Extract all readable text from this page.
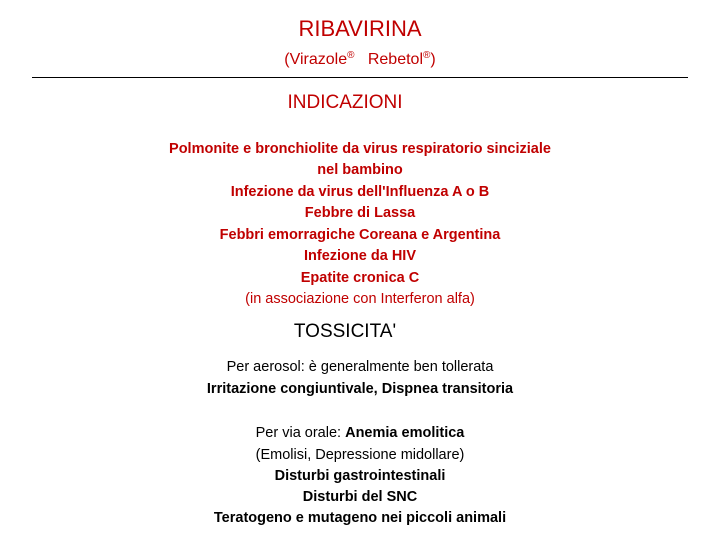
RIBAVIRINA
(Virazole® Rebetol®)
INDICAZIONI
Polmonite e bronchiolite da virus respiratorio sinciziale
nel bambino
Infezione da virus dell'Influenza A o B
Febbre di Lassa
Febbri emorragiche Coreana e Argentina
Infezione da HIV
Epatite cronica C
(in associazione con Interferon alfa)
TOSSICITA'
Per aerosol: è generalmente ben tollerata
Irritazione congiuntivale, Dispnea transitoria
Per via orale: Anemia emolitica
(Emolisi, Depressione midollare)
Disturbi gastrointestinali
Disturbi del SNC
Teratogeno e mutageno nei piccoli animali
